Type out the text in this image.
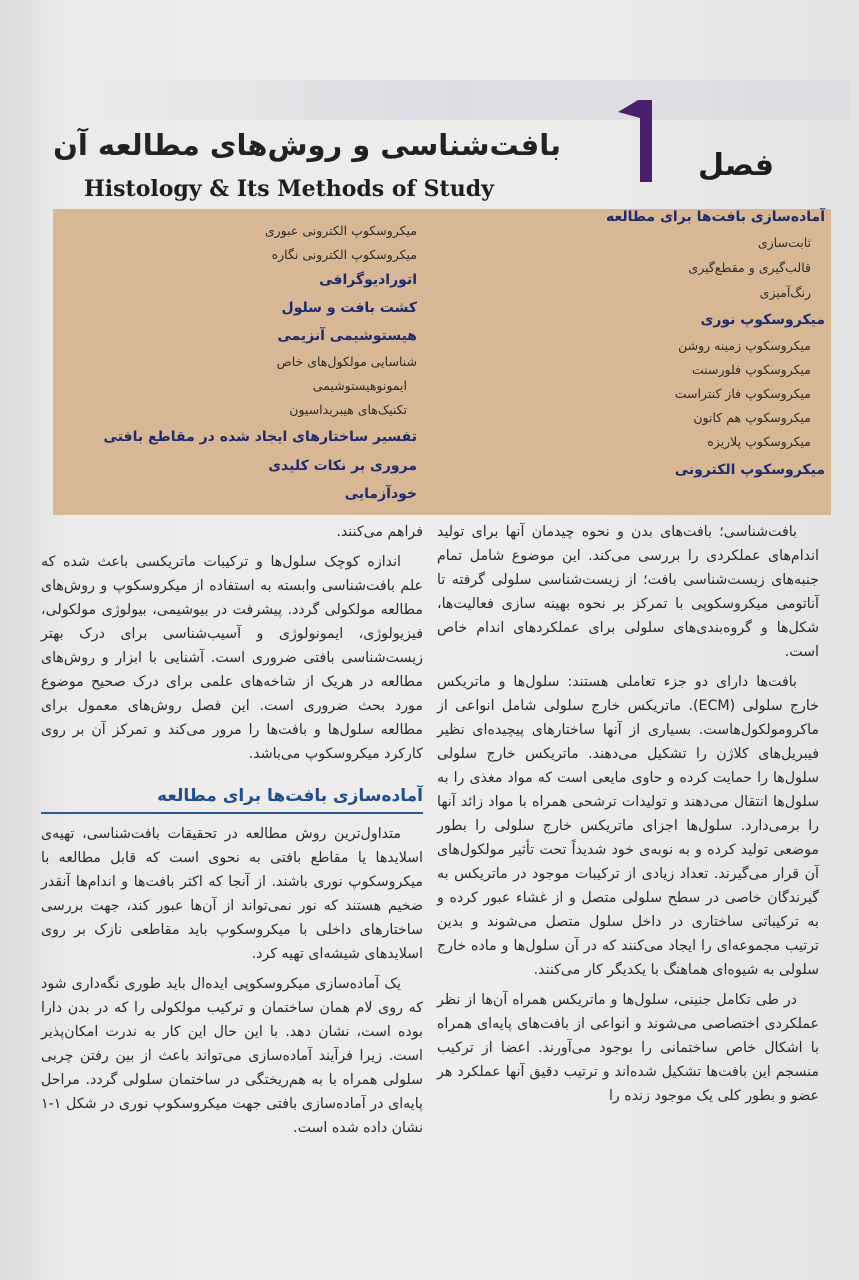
فصل
بافت‌شناسی و روش‌های مطالعه آن
Histology & Its Methods of Study
آماده‌سازی بافت‌ها برای مطالعه
ثابت‌سازی
قالب‌گیری و مقطع‌گیری
رنگ‌آمیزی
میکروسکوپ نوری
میکروسکوپ زمینه روشن
میکروسکوپ فلورسنت
میکروسکوپ فاز کنتراست
میکروسکوپ هم کانون
میکروسکوپ پلاریزه
میکروسکوپ الکترونی
میکروسکوپ الکترونی عبوری
میکروسکوپ الکترونی نگاره
اتورادیوگرافی
کشت بافت و سلول
هیستوشیمی آنزیمی
شناسایی مولکول‌های خاص
ایمونوهیستوشیمی
تکنیک‌های هیبریداسیون
تفسیر ساختارهای ایجاد شده در مقاطع بافتی
مروری بر نکات کلیدی
خودآزمایی

بافت‌شناسی؛ بافت‌های بدن و نحوه چیدمان آنها برای تولید اندام‌های عملکردی را بررسی می‌کند. این موضوع شامل تمام جنبه‌های زیست‌شناسی بافت؛ از زیست‌شناسی سلولی گرفته تا آناتومی میکروسکوپی با تمرکز بر نحوه بهینه سازی فعالیت‌ها، شکل‌ها و گروه‌بندی‌های سلولی برای عملکردهای اندام خاص است.

بافت‌ها دارای دو جزء تعاملی هستند: سلول‌ها و ماتریکس خارج سلولی (ECM). ماتریکس خارج سلولی شامل انواعی از ماکرومولکول‌هاست. بسیاری از آنها ساختارهای پیچیده‌ای نظیر فیبریل‌های کلاژن را تشکیل می‌دهند. ماتریکس خارج سلولی سلول‌ها را حمایت کرده و حاوی مایعی است که مواد مغذی را به سلول‌ها انتقال می‌دهند و تولیدات ترشحی همراه با مواد زائد آنها را برمی‌دارد. سلول‌ها اجزای ماتریکس خارج سلولی را بطور موضعی تولید کرده و به نوبه‌ی خود شدیداً تحت تأثیر مولکول‌های آن قرار می‌گیرند. تعداد زیادی از ترکیبات موجود در ماتریکس به گیرندگان خاصی در سطح سلولی متصل و از غشاء عبور کرده و به ترکیباتی ساختاری در داخل سلول متصل می‌شوند و بدین ترتیب مجموعه‌ای را ایجاد می‌کنند که در آن سلول‌ها و ماده خارج سلولی به شیوه‌ای هماهنگ با یکدیگر کار می‌کنند.

در طی تکامل جنینی، سلول‌ها و ماتریکس همراه آن‌ها از نظر عملکردی اختصاصی می‌شوند و انواعی از بافت‌های پایه‌ای همراه با اشکال خاص ساختمانی را بوجود می‌آورند. اعضا از ترکیب منسجم این بافت‌ها تشکیل شده‌اند و ترتیب دقیق آنها عملکرد هر عضو و بطور کلی یک موجود زنده را

فراهم می‌کنند.

اندازه کوچک سلول‌ها و ترکیبات ماتریکسی باعث شده که علم بافت‌شناسی وابسته به استفاده از میکروسکوپ و روش‌های مطالعه مولکولی گردد. پیشرفت در بیوشیمی، بیولوژی مولکولی، فیزیولوژی، ایمونولوژی و آسیب‌شناسی برای درک بهتر زیست‌شناسی بافتی ضروری است. آشنایی با ابزار و روش‌های مطالعه در هریک از شاخه‌های علمی برای درک صحیح موضوع مورد بحث ضروری است. این فصل روش‌های معمول برای مطالعه سلول‌ها و بافت‌ها را مرور می‌کند و تمرکز آن بر روی کارکرد میکروسکوپ می‌باشد.

آماده‌سازی بافت‌ها برای مطالعه

متداول‌ترین روش مطالعه در تحقیقات بافت‌شناسی، تهیه‌ی اسلایدها یا مقاطع بافتی به نحوی است که قابل مطالعه با میکروسکوپ نوری باشند. از آنجا که اکثر بافت‌ها و اندام‌ها آنقدر ضخیم هستند که نور نمی‌تواند از آن‌ها عبور کند، جهت بررسی ساختارهای داخلی با میکروسکوپ باید مقاطعی نازک بر روی اسلایدهای شیشه‌ای تهیه کرد.

یک آماده‌سازی میکروسکوپی ایده‌ال باید طوری نگه‌داری شود که روی لام همان ساختمان و ترکیب مولکولی را که در بدن دارا بوده است، نشان دهد. با این حال این کار به ندرت امکان‌پذیر است. زیرا فرآیند آماده‌سازی می‌تواند باعث از بین رفتن چربی سلولی همراه با به هم‌ریختگی در ساختمان سلولی گردد. مراحل پایه‌ای در آماده‌سازی بافتی جهت میکروسکوپ نوری در شکل ۱-۱ نشان داده شده است.
